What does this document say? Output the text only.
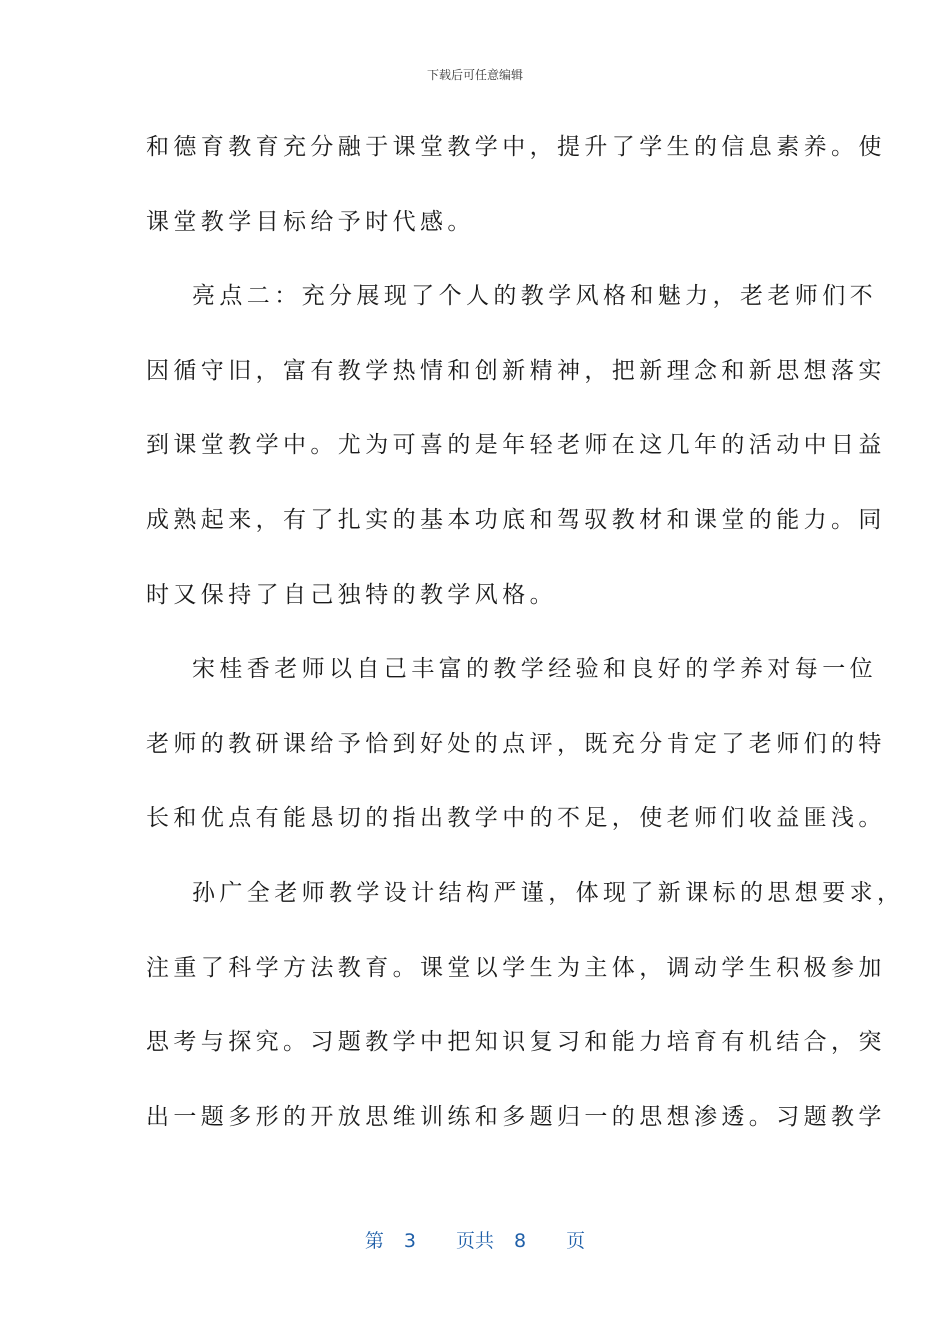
下载后可任意编辑
和德育教育充分融于课堂教学中，提升了学生的信息素养。使
课堂教学目标给予时代感。
亮点二：充分展现了个人的教学风格和魅力，老老师们不
因循守旧，富有教学热情和创新精神，把新理念和新思想落实
到课堂教学中。尤为可喜的是年轻老师在这几年的活动中日益
成熟起来，有了扎实的基本功底和驾驭教材和课堂的能力。同
时又保持了自己独特的教学风格。
宋桂香老师以自己丰富的教学经验和良好的学养对每一位
老师的教研课给予恰到好处的点评，既充分肯定了老师们的特
长和优点有能恳切的指出教学中的不足，使老师们收益匪浅。
孙广全老师教学设计结构严谨，体现了新课标的思想要求，
注重了科学方法教育。课堂以学生为主体，调动学生积极参加
思考与探究。习题教学中把知识复习和能力培育有机结合，突
出一题多形的开放思维训练和多题归一的思想渗透。习题教学
第 3 页共 8 页
